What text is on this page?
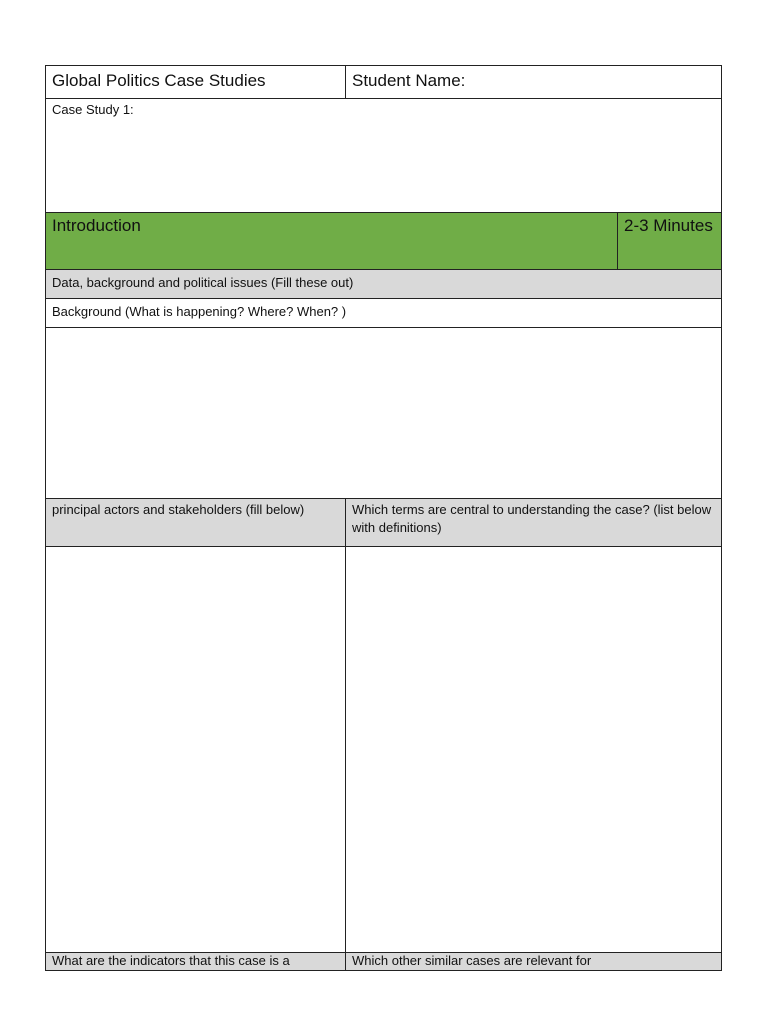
Global Politics Case Studies	Student Name:
Case Study 1:
Introduction	2-3 Minutes
Data, background and political issues (Fill these out)
Background (What is happening? Where? When? )
principal actors and stakeholders (fill below)	Which terms are central to understanding the case? (list below with definitions)
What are the indicators that this case is a	Which other similar cases are relevant for
